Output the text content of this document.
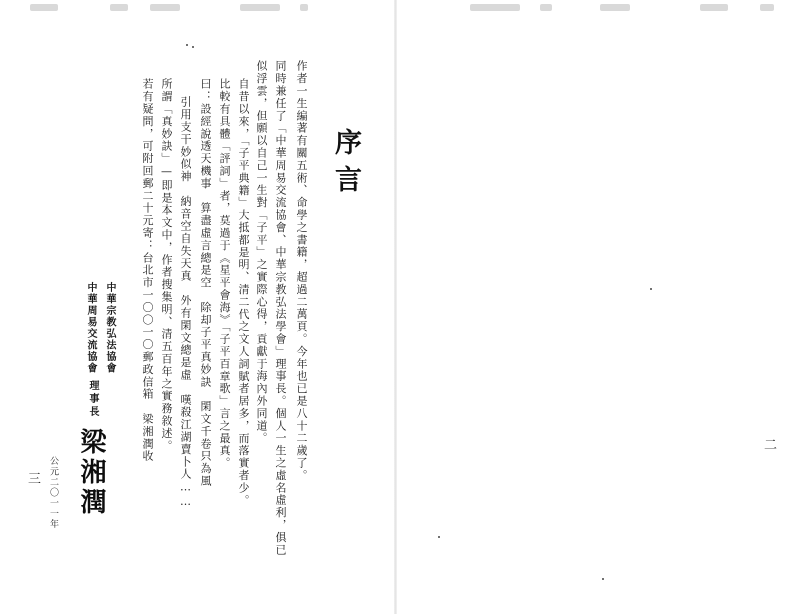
序言

作者一生編著有關五術、命學之書籍，超過二萬頁。今年也已是八十二歲了。

同時兼任了「中華周易交流協會、中華宗教弘法學會」理事長。個人一生之虛名虛利，俱已

似浮雲，但願以自己一生對「子平」之實際心得，貢獻于海內外同道。

自昔以來，「子平典籍」大抵都是明、清二代之文人詞賦者居多，而落實者少。

比較有具體「評詞」者，莫過于《星平會海》「子平百章歌」言之最真。

曰：設經說透天機事　算盡虛言總是空　除却子平真妙訣　閑文千卷只為風

引用支干妙似神　納音空自失天真　外有閑文總是虛　嘆殺江湖賣卜人……

所謂「真妙訣」—即是本文中，作者搜集明、清五百年之實務敘述。

若有疑問，可附回郵二十元寄：台北市一〇〇一〇郵政信箱　梁湘潤收

中華宗教弘法協會
中華周易交流協會
理事長
梁湘潤
公元二〇一一年
三
二
